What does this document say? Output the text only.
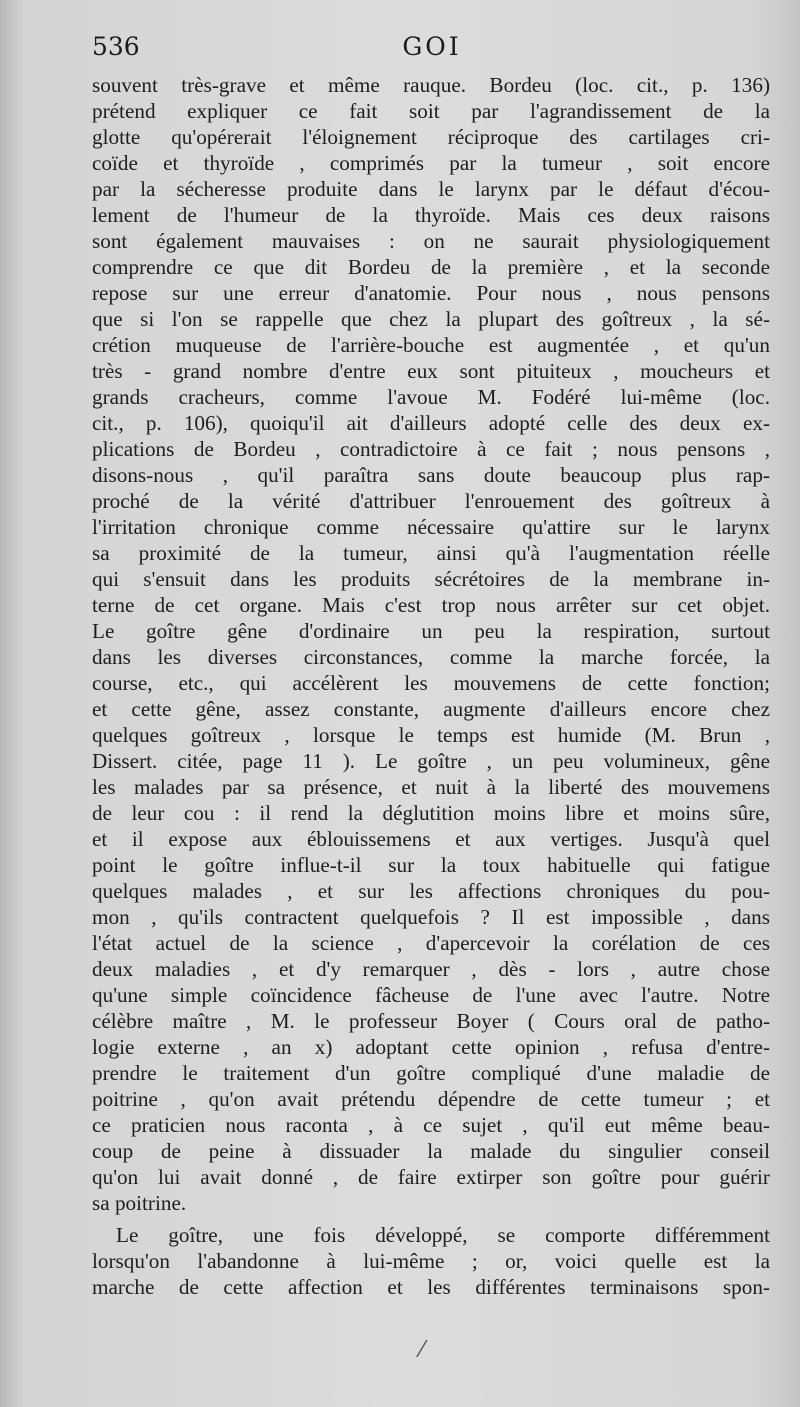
536	GOI
souvent très-grave et même rauque. Bordeu (loc. cit., p. 136)
prétend expliquer ce fait soit par l'agrandissement de la
glotte qu'opérerait l'éloignement réciproque des cartilages cri-
coïde et thyroïde , comprimés par la tumeur , soit encore
par la sécheresse produite dans le larynx par le défaut d'écou-
lement de l'humeur de la thyroïde. Mais ces deux raisons
sont également mauvaises : on ne saurait physiologiquement
comprendre ce que dit Bordeu de la première , et la seconde
repose sur une erreur d'anatomie. Pour nous , nous pensons
que si l'on se rappelle que chez la plupart des goîtreux , la sé-
crétion muqueuse de l'arrière-bouche est augmentée , et qu'un
très - grand nombre d'entre eux sont pituiteux , moucheurs et
grands cracheurs, comme l'avoue M. Fodéré lui-même (loc.
cit., p. 106), quoiqu'il ait d'ailleurs adopté celle des deux ex-
plications de Bordeu , contradictoire à ce fait ; nous pensons ,
disons-nous , qu'il paraîtra sans doute beaucoup plus rap-
proché de la vérité d'attribuer l'enrouement des goîtreux à
l'irritation chronique comme nécessaire qu'attire sur le larynx
sa proximité de la tumeur, ainsi qu'à l'augmentation réelle
qui s'ensuit dans les produits sécrétoires de la membrane in-
terne de cet organe. Mais c'est trop nous arrêter sur cet objet.
Le goître gêne d'ordinaire un peu la respiration, surtout
dans les diverses circonstances, comme la marche forcée, la
course, etc., qui accélèrent les mouvemens de cette fonction;
et cette gêne, assez constante, augmente d'ailleurs encore chez
quelques goîtreux , lorsque le temps est humide (M. Brun ,
Dissert. citée, page 11 ). Le goître , un peu volumineux, gêne
les malades par sa présence, et nuit à la liberté des mouvemens
de leur cou : il rend la déglutition moins libre et moins sûre,
et il expose aux éblouissemens et aux vertiges. Jusqu'à quel
point le goître influe-t-il sur la toux habituelle qui fatigue
quelques malades , et sur les affections chroniques du pou-
mon , qu'ils contractent quelquefois ? Il est impossible , dans
l'état actuel de la science , d'apercevoir la corélation de ces
deux maladies , et d'y remarquer , dès - lors , autre chose
qu'une simple coïncidence fâcheuse de l'une avec l'autre. Notre
célèbre maître , M. le professeur Boyer ( Cours oral de patho-
logie externe , an x) adoptant cette opinion , refusa d'entre-
prendre le traitement d'un goître compliqué d'une maladie de
poitrine , qu'on avait prétendu dépendre de cette tumeur ; et
ce praticien nous raconta , à ce sujet , qu'il eut même beau-
coup de peine à dissuader la malade du singulier conseil
qu'on lui avait donné , de faire extirper son goître pour guérir
sa poitrine.
Le goître, une fois développé, se comporte différemment
lorsqu'on l'abandonne à lui-même ; or, voici quelle est la
marche de cette affection et les différentes terminaisons spon-
⁄
